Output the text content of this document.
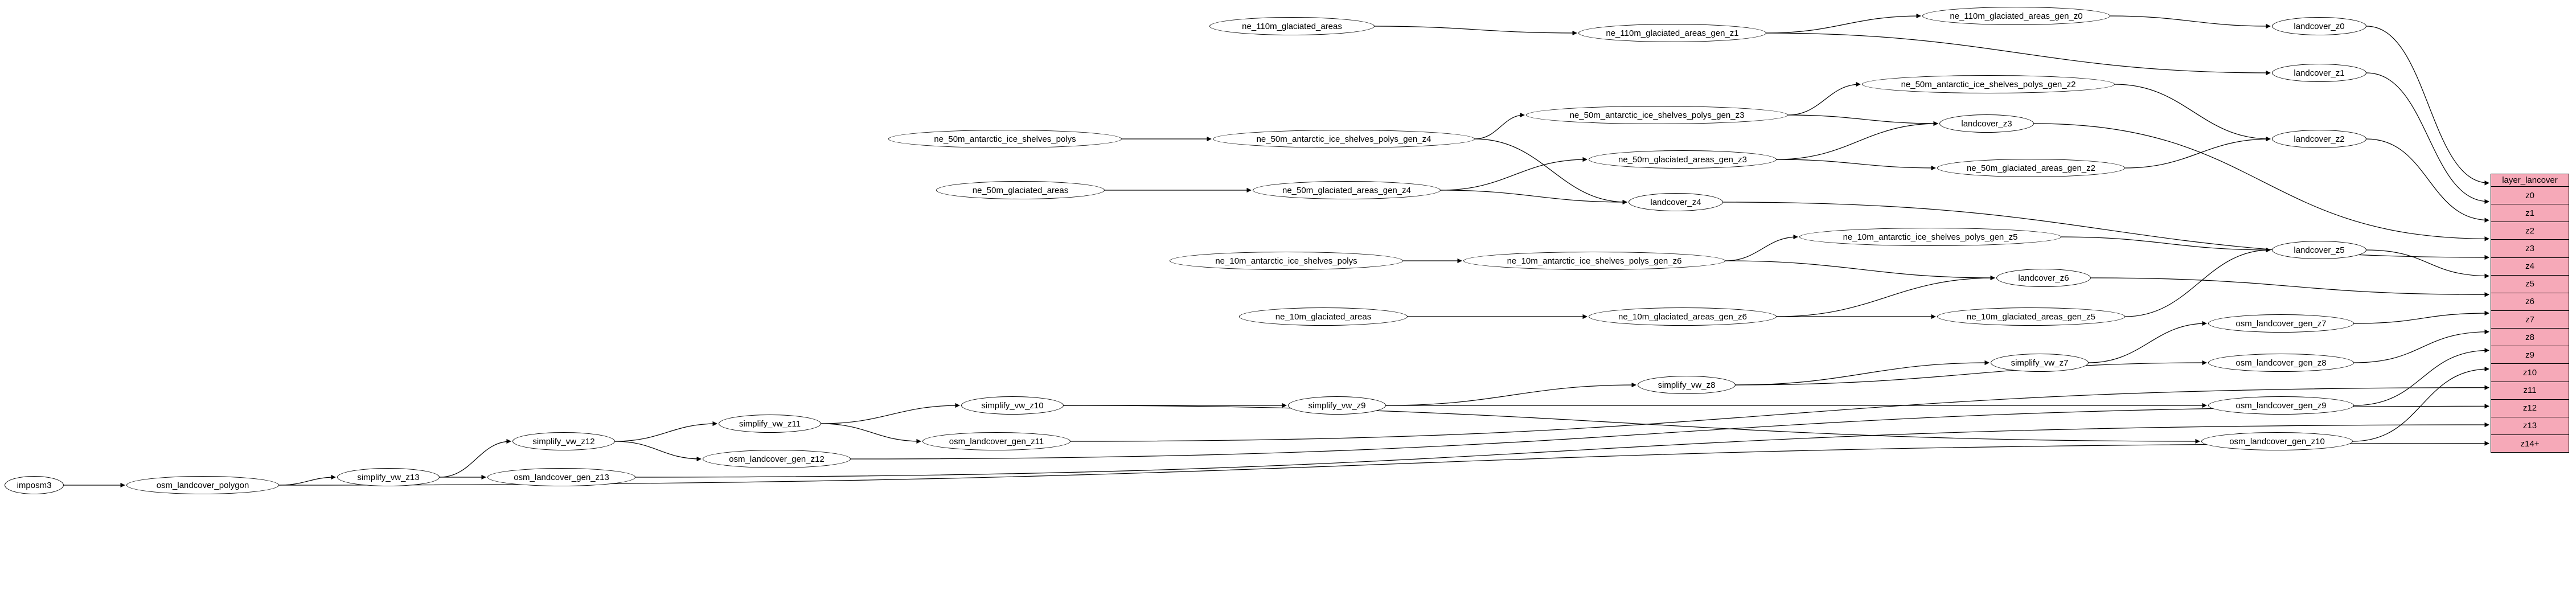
imposm3	osm_landcover_polygon
simplify_vw_z13	osm_landcover_gen_z13
simplify_vw_z12
osm_landcover_gen_z12
simplify_vw_z11
osm_landcover_gen_z11
simplify_vw_z10	simplify_vw_z9
simplify_vw_z8
simplify_vw_z7
osm_landcover_gen_z10
osm_landcover_gen_z9
osm_landcover_gen_z8
osm_landcover_gen_z7
ne_110m_glaciated_areas
ne_110m_glaciated_areas_gen_z1
ne_110m_glaciated_areas_gen_z0
landcover_z0
landcover_z1
ne_50m_antarctic_ice_shelves_polys_gen_z2
ne_50m_antarctic_ice_shelves_polys	ne_50m_antarctic_ice_shelves_polys_gen_z4
ne_50m_antarctic_ice_shelves_polys_gen_z3
landcover_z3
landcover_z2
ne_50m_glaciated_areas_gen_z3
ne_50m_glaciated_areas_gen_z2
ne_50m_glaciated_areas	ne_50m_glaciated_areas_gen_z4
landcover_z4
ne_10m_antarctic_ice_shelves_polys_gen_z5
landcover_z5
ne_10m_antarctic_ice_shelves_polys	ne_10m_antarctic_ice_shelves_polys_gen_z6
landcover_z6
ne_10m_glaciated_areas	ne_10m_glaciated_areas_gen_z6	ne_10m_glaciated_areas_gen_z5
layer_lancover
z0
z1
z2
z3
z4
z5
z6
z7
z8
z9
z10
z11
z12
z13
z14+
